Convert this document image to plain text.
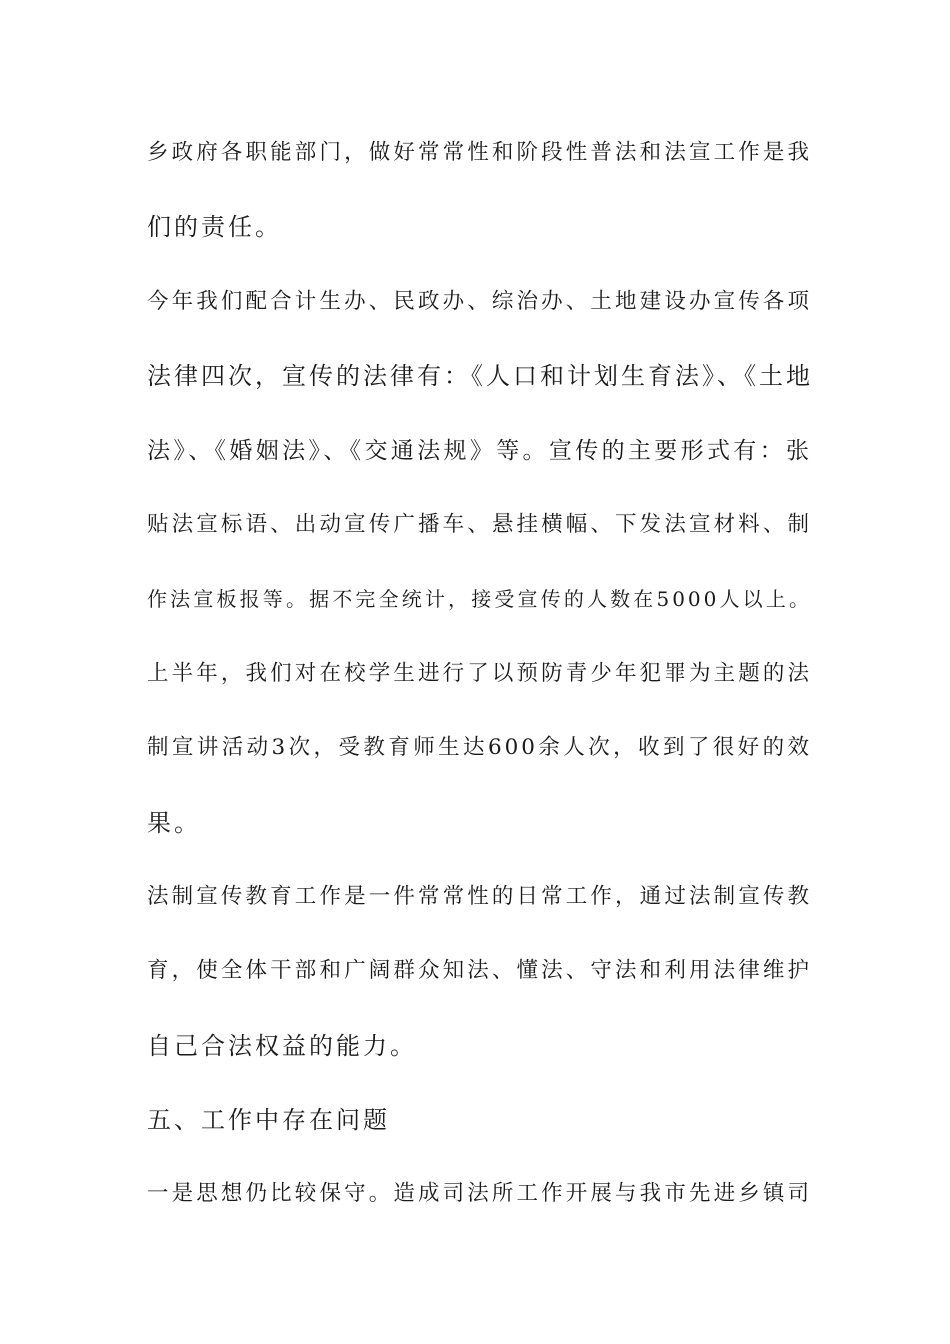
乡政府各职能部门，做好常常性和阶段性普法和法宣工作是我
们的责任。
今年我们配合计生办、民政办、综治办、土地建设办宣传各项
法律四次，宣传的法律有：《人口和计划生育法》、《土地
法》、《婚姻法》、《交通法规》等。宣传的主要形式有：张
贴法宣标语、出动宣传广播车、悬挂横幅、下发法宣材料、制
作法宣板报等。据不完全统计，接受宣传的人数在5000人以上。
上半年，我们对在校学生进行了以预防青少年犯罪为主题的法
制宣讲活动3次，受教育师生达600余人次，收到了很好的效
果。
法制宣传教育工作是一件常常性的日常工作，通过法制宣传教
育，使全体干部和广阔群众知法、懂法、守法和利用法律维护
自己合法权益的能力。
五、工作中存在问题
一是思想仍比较保守。造成司法所工作开展与我市先进乡镇司
